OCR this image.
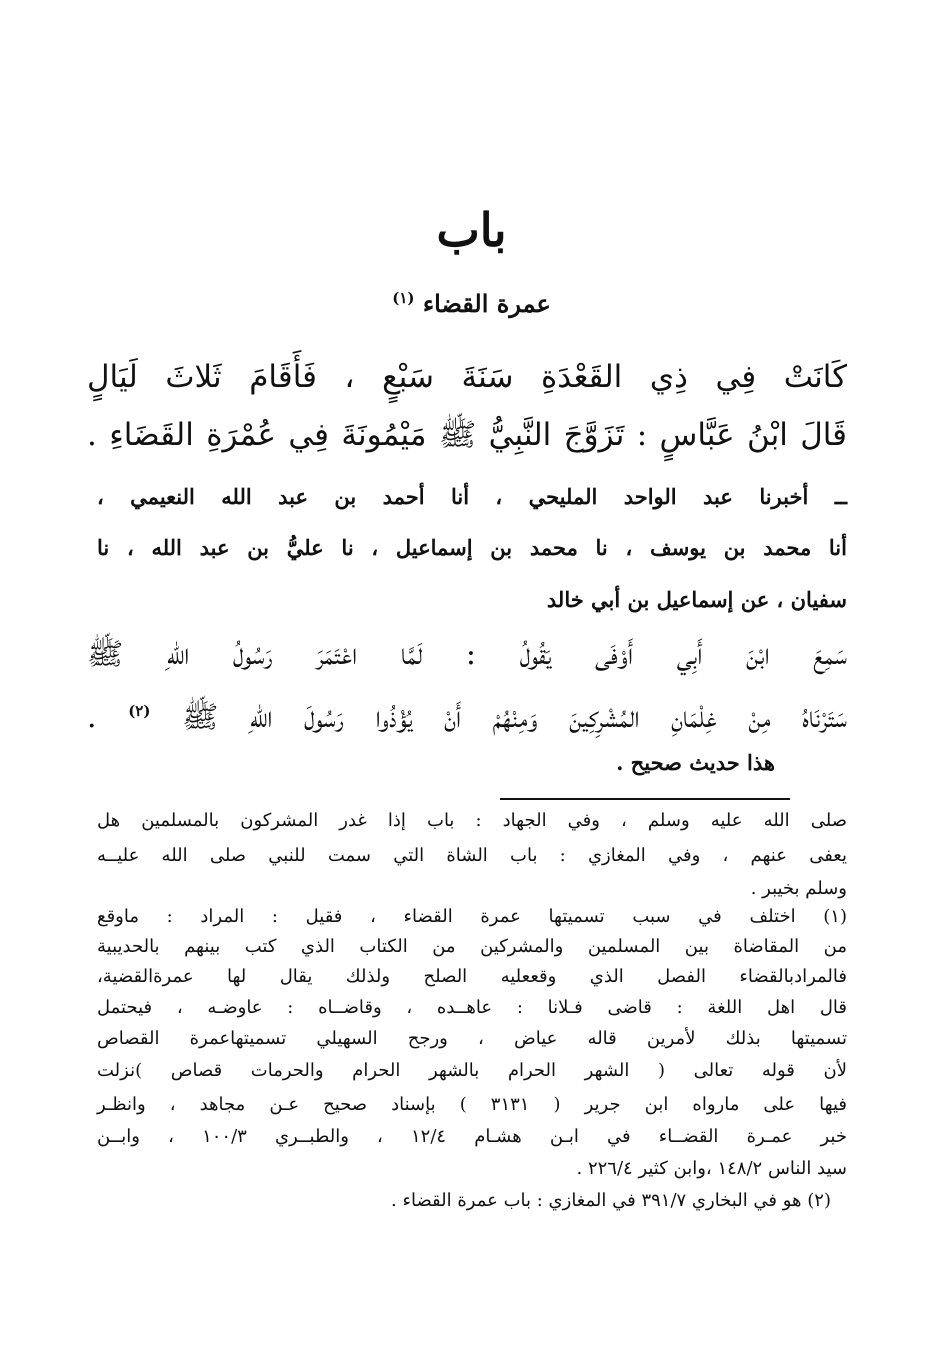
باب
عمرة القضاء $^{(١)}$
كَانَتْ فِي ذِي القَعْدَةِ سَنَةَ سَبْعٍ ، فَأَقَامَ ثَلاثَ لَيَالٍ
قَالَ ابْنُ عَبَّاسٍ : تَزَوَّجَ النَّبِيُّ ﷺ مَيْمُونَةَ فِي عُمْرَةِ القَضَاءِ .
ــ أخبرنا عبد الواحد المليحي ، أنا أحمد بن عبد الله النعيمي ،
أنا محمد بن يوسف ، نا محمد بن إسماعيل ، نا عليُّ بن عبد الله ، نا
سفيان ، عن إسماعيل بن أبي خالد
سَمِعَ ابْنَ أَبِي أَوْفَى يَقُولُ : لَمَّا اعْتَمَرَ رَسُولُ اللهِ ﷺ
سَتَرْنَاهُ مِنْ غِلْمَانِ المُشْرِكِينَ وَمِنْهُمْ أَنْ يُؤْذُوا رَسُولَ اللهِ ﷺ $^{(٢)}$ .
هذا حديث صحيح .
صلى الله عليه وسلم ، وفي الجهاد : باب إذا غدر المشركون بالمسلمين هل
يعفى عنهم ، وفي المغازي : باب الشاة التي سمت للنبي صلى الله عليــه
وسلم بخيبر .
(١) اختلف في سبب تسميتها عمرة القضاء ، فقيل : المراد : ماوقع
من المقاضاة بين المسلمين والمشركين من الكتاب الذي كتب بينهم بالحديبية
فالمرادبالقضاء الفصل الذي وقععليه الصلح ولذلك يقال لها عمرةالقضية،
قال اهل اللغة : قاضى فـلانا : عاهــده ، وقاضــاه : عاوضـه ، فيحتمل
تسميتها بذلك لأمرين قاله عياض ، ورجح السهيلي تسميتهاعمرة القصاص
لأن قوله تعالى ( الشهر الحرام بالشهر الحرام والحرمات قصاص )نزلت
فيها على مارواه ابن جرير ( ٣١٣١ ) بإسناد صحيح عـن مجاهد ، وانظـر
خبر عمـرة القضــاء في ابـن هشـام ١٢/٤ ، والطبــري ١٠٠/٣ ، وابــن
سيد الناس ١٤٨/٢ ،وابن كثير ٢٢٦/٤ .
(٢) هو في البخاري ٣٩١/٧ في المغازي : باب عمرة القضاء .
